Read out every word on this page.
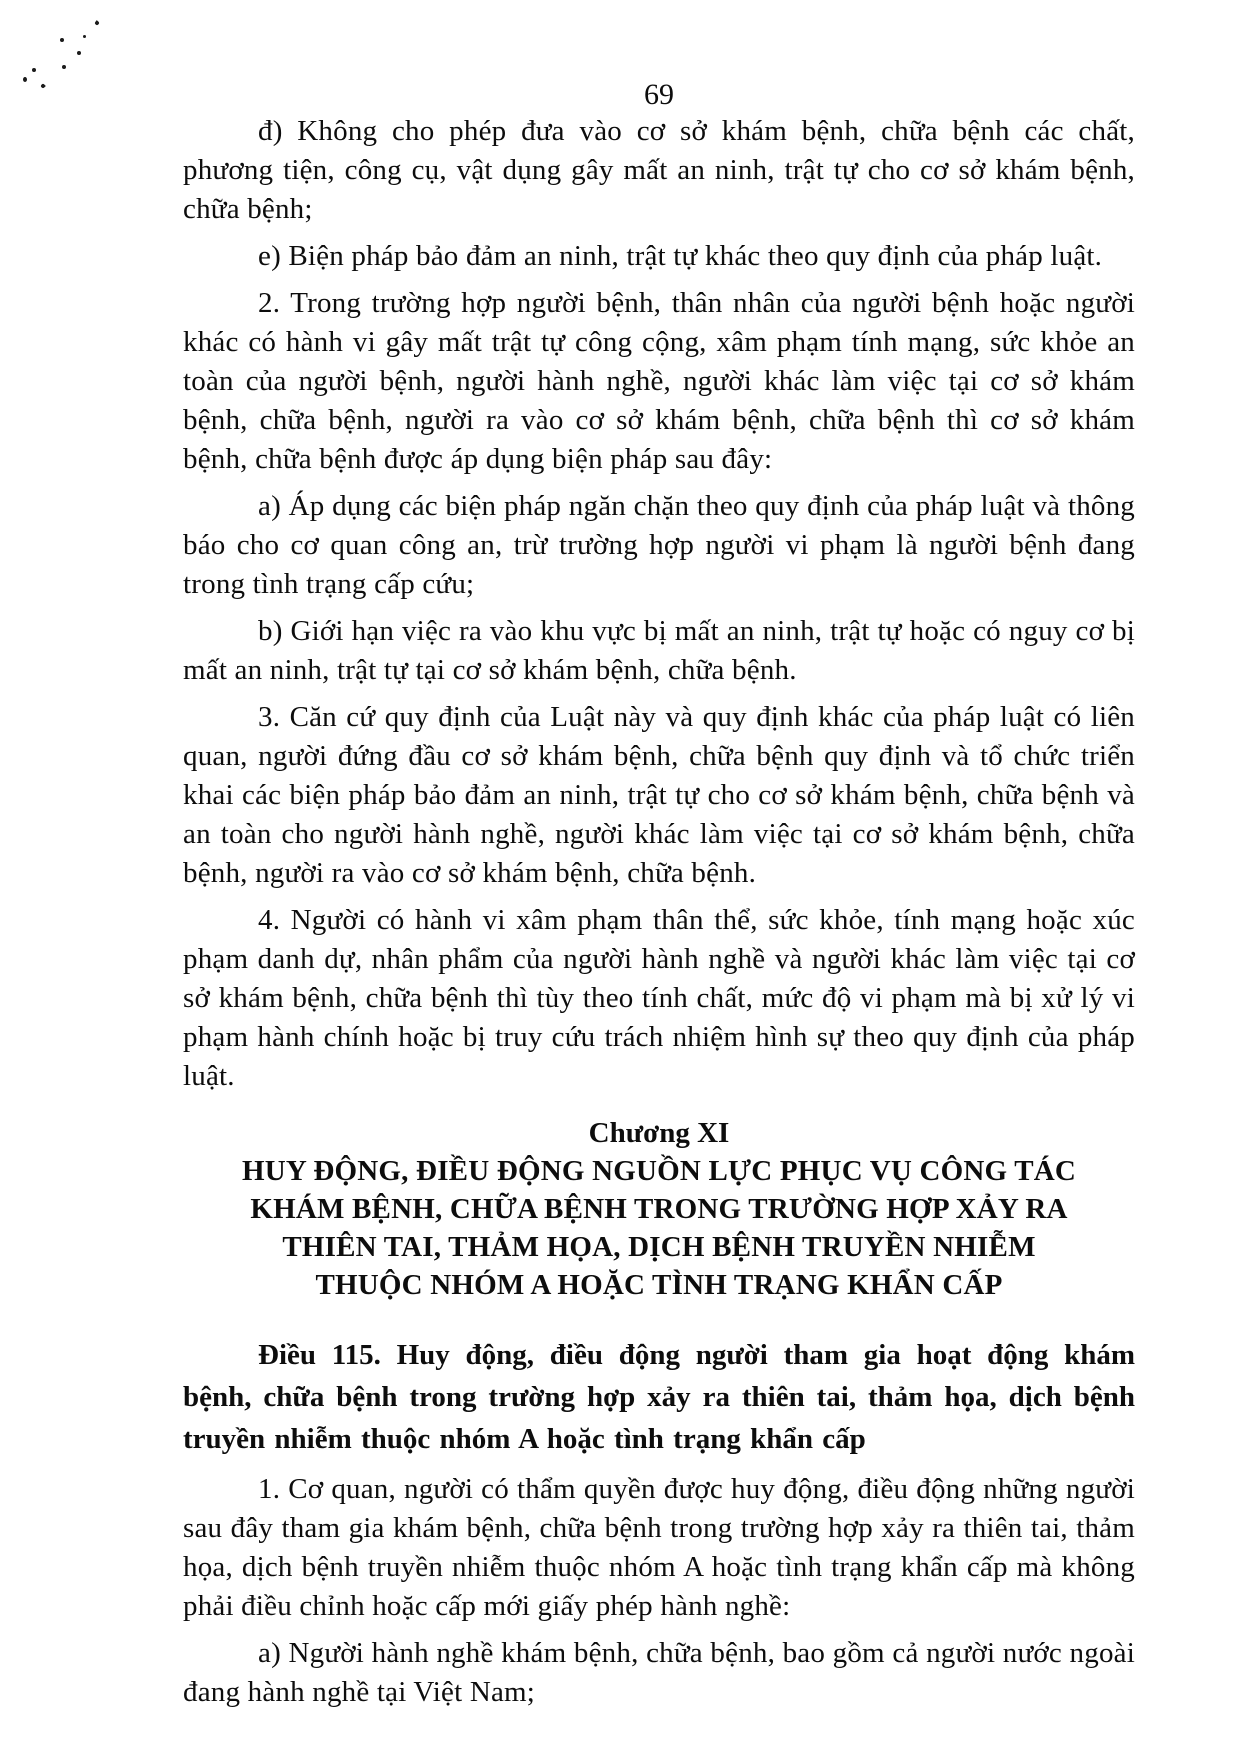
69

đ) Không cho phép đưa vào cơ sở khám bệnh, chữa bệnh các chất, phương tiện, công cụ, vật dụng gây mất an ninh, trật tự cho cơ sở khám bệnh, chữa bệnh;

e) Biện pháp bảo đảm an ninh, trật tự khác theo quy định của pháp luật.

2. Trong trường hợp người bệnh, thân nhân của người bệnh hoặc người khác có hành vi gây mất trật tự công cộng, xâm phạm tính mạng, sức khỏe an toàn của người bệnh, người hành nghề, người khác làm việc tại cơ sở khám bệnh, chữa bệnh, người ra vào cơ sở khám bệnh, chữa bệnh thì cơ sở khám bệnh, chữa bệnh được áp dụng biện pháp sau đây:

a) Áp dụng các biện pháp ngăn chặn theo quy định của pháp luật và thông báo cho cơ quan công an, trừ trường hợp người vi phạm là người bệnh đang trong tình trạng cấp cứu;

b) Giới hạn việc ra vào khu vực bị mất an ninh, trật tự hoặc có nguy cơ bị mất an ninh, trật tự tại cơ sở khám bệnh, chữa bệnh.

3. Căn cứ quy định của Luật này và quy định khác của pháp luật có liên quan, người đứng đầu cơ sở khám bệnh, chữa bệnh quy định và tổ chức triển khai các biện pháp bảo đảm an ninh, trật tự cho cơ sở khám bệnh, chữa bệnh và an toàn cho người hành nghề, người khác làm việc tại cơ sở khám bệnh, chữa bệnh, người ra vào cơ sở khám bệnh, chữa bệnh.

4. Người có hành vi xâm phạm thân thể, sức khỏe, tính mạng hoặc xúc phạm danh dự, nhân phẩm của người hành nghề và người khác làm việc tại cơ sở khám bệnh, chữa bệnh thì tùy theo tính chất, mức độ vi phạm mà bị xử lý vi phạm hành chính hoặc bị truy cứu trách nhiệm hình sự theo quy định của pháp luật.

Chương XI
HUY ĐỘNG, ĐIỀU ĐỘNG NGUỒN LỰC PHỤC VỤ CÔNG TÁC
KHÁM BỆNH, CHỮA BỆNH TRONG TRƯỜNG HỢP XẢY RA
THIÊN TAI, THẢM HỌA, DỊCH BỆNH TRUYỀN NHIỄM
THUỘC NHÓM A HOẶC TÌNH TRẠNG KHẨN CẤP

Điều 115. Huy động, điều động người tham gia hoạt động khám bệnh, chữa bệnh trong trường hợp xảy ra thiên tai, thảm họa, dịch bệnh truyền nhiễm thuộc nhóm A hoặc tình trạng khẩn cấp

1. Cơ quan, người có thẩm quyền được huy động, điều động những người sau đây tham gia khám bệnh, chữa bệnh trong trường hợp xảy ra thiên tai, thảm họa, dịch bệnh truyền nhiễm thuộc nhóm A hoặc tình trạng khẩn cấp mà không phải điều chỉnh hoặc cấp mới giấy phép hành nghề:

a) Người hành nghề khám bệnh, chữa bệnh, bao gồm cả người nước ngoài đang hành nghề tại Việt Nam;
